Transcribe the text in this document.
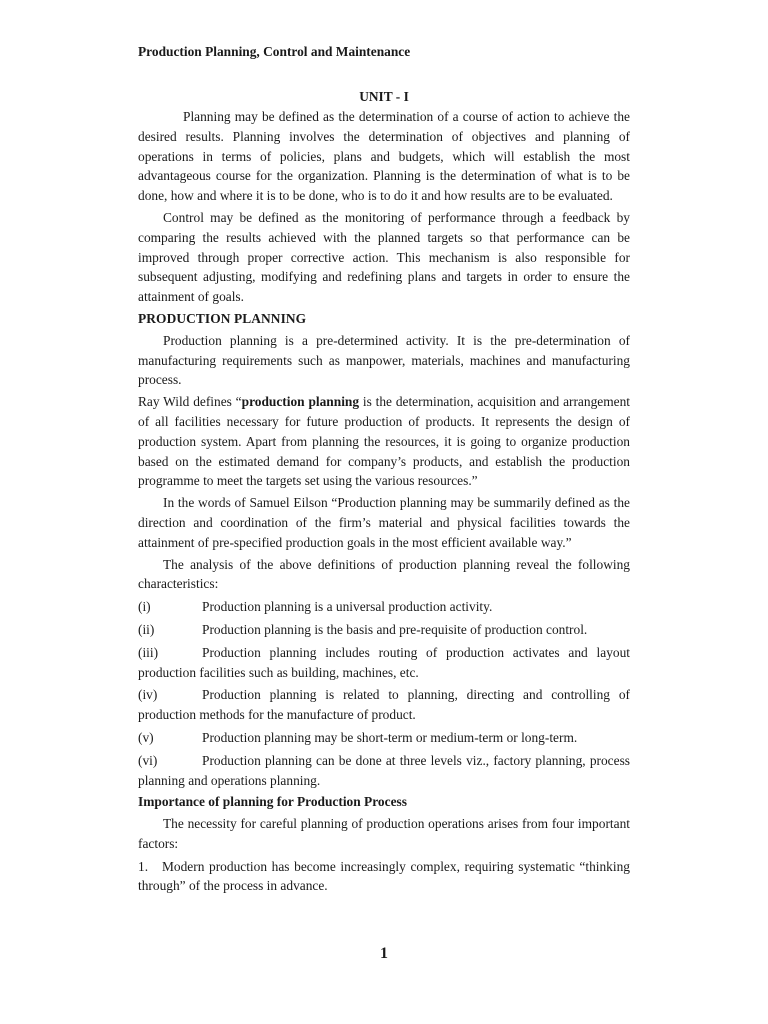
Production Planning, Control and Maintenance
UNIT - I

Planning may be defined as the determination of a course of action to achieve the desired results. Planning involves the determination of objectives and planning of operations in terms of policies, plans and budgets, which will establish the most advantageous course for the organization. Planning is the determination of what is to be done, how and where it is to be done, who is to do it and how results are to be evaluated.

Control may be defined as the monitoring of performance through a feedback by comparing the results achieved with the planned targets so that performance can be improved through proper corrective action. This mechanism is also responsible for subsequent adjusting, modifying and redefining plans and targets in order to ensure the attainment of goals.

PRODUCTION PLANNING

Production planning is a pre-determined activity. It is the pre-determination of manufacturing requirements such as manpower, materials, machines and manufacturing process.

Ray Wild defines “production planning is the determination, acquisition and arrangement of all facilities necessary for future production of products. It represents the design of production system. Apart from planning the resources, it is going to organize production based on the estimated demand for company’s products, and establish the production programme to meet the targets set using the various resources.”

In the words of Samuel Eilson “Production planning may be summarily defined as the direction and coordination of the firm’s material and physical facilities towards the attainment of pre-specified production goals in the most efficient available way.”

The analysis of the above definitions of production planning reveal the following characteristics:

(i)	Production planning is a universal production activity.
(ii)	Production planning is the basis and pre-requisite of production control.
(iii)	Production planning includes routing of production activates and layout production facilities such as building, machines, etc.
(iv)	Production planning is related to planning, directing and controlling of production methods for the manufacture of product.
(v)	Production planning may be short-term or medium-term or long-term.
(vi)	Production planning can be done at three levels viz., factory planning, process planning and operations planning.
Importance of planning for Production Process

The necessity for careful planning of production operations arises from four important factors:

1. Modern production has become increasingly complex, requiring systematic “thinking through” of the process in advance.
1
